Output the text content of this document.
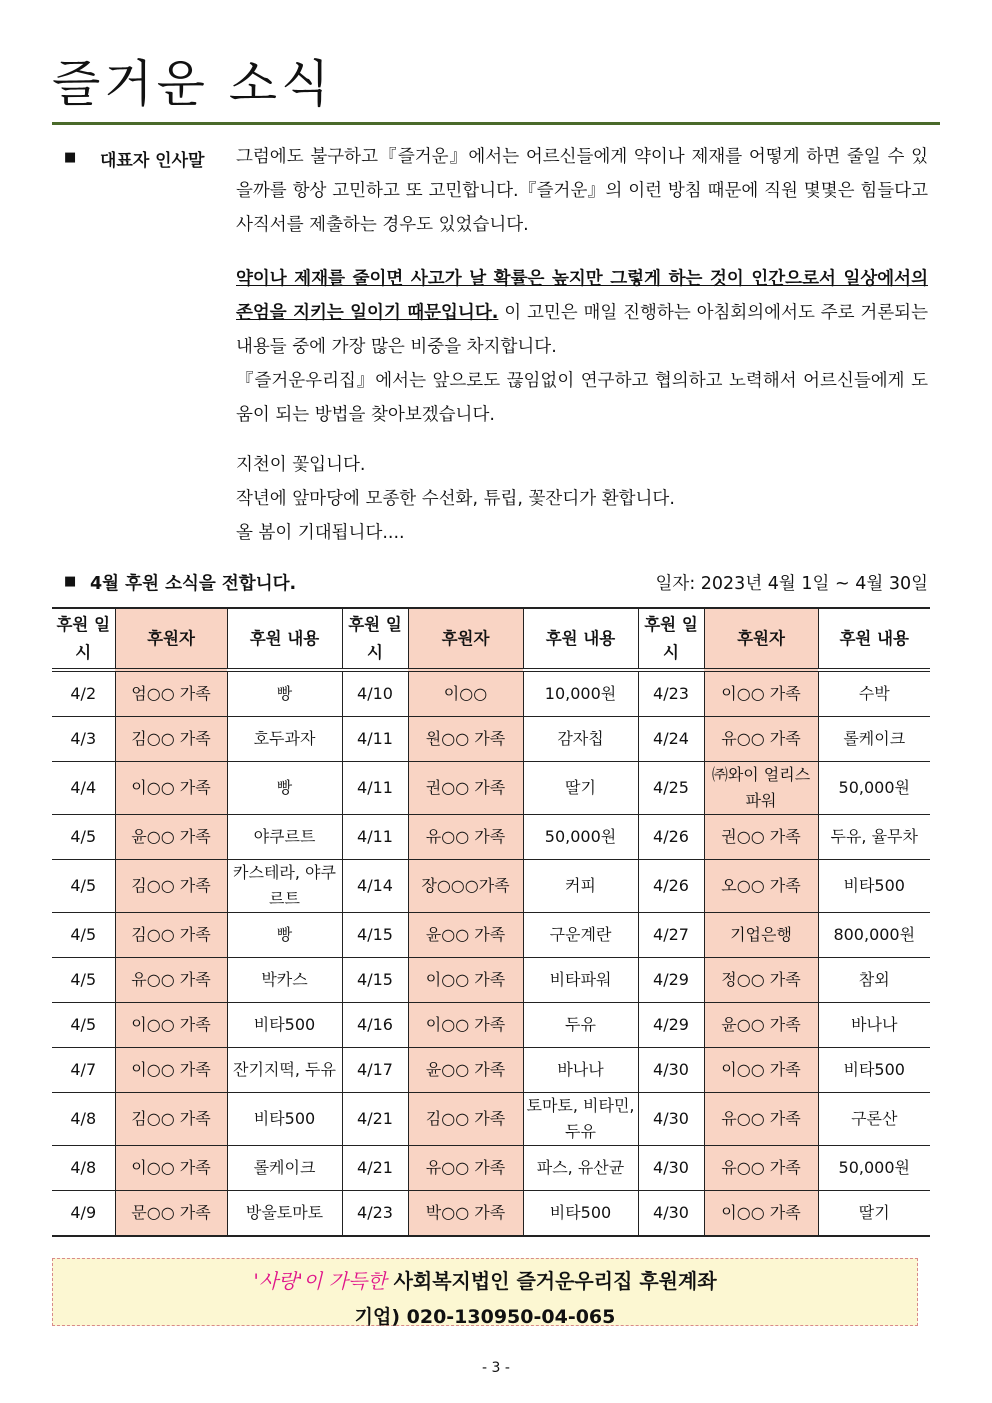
즐거운 소식
■ 대표자 인사말 그럼에도 불구하고『즐거운』에서는 어르신들에게 약이나 제재를 어떻게 하면 줄일 수 있을까를 항상 고민하고 또 고민합니다.『즐거운』의 이런 방침 때문에 직원 몇몇은 힘들다고 사직서를 제출하는 경우도 있었습니다.

약이나 제재를 줄이면 사고가 날 확률은 높지만 그렇게 하는 것이 인간으로서 일상에서의 존엄을 지키는 일이기 때문입니다. 이 고민은 매일 진행하는 아침회의에서도 주로 거론되는 내용들 중에 가장 많은 비중을 차지합니다.

『즐거운우리집』에서는 앞으로도 끊임없이 연구하고 협의하고 노력해서 어르신들에게 도움이 되는 방법을 찾아보겠습니다.

지천이 꽃입니다.

작년에 앞마당에 모종한 수선화, 튜립, 꽃잔디가 환합니다.

올 봄이 기대됩니다....

■ 4월 후원 소식을 전합니다.	일자: 2023년 4월 1일 ~ 4월 30일
후원 일시	후원자	후원 내용	후원 일시	후원자	후원 내용	후원 일시	후원자	후원 내용
4/2	엄○○ 가족	빵	4/10	이○○	10,000원	4/23	이○○ 가족	수박
4/3	김○○ 가족	호두과자	4/11	원○○ 가족	감자칩	4/24	유○○ 가족	롤케이크
4/4	이○○ 가족	빵	4/11	권○○ 가족	딸기	4/25	㈜와이 얼리스파워	50,000원
4/5	윤○○ 가족	야쿠르트	4/11	유○○ 가족	50,000원	4/26	권○○ 가족	두유, 율무차
4/5	김○○ 가족	카스테라, 야쿠르트	4/14	장○○○가족	커피	4/26	오○○ 가족	비타500
4/5	김○○ 가족	빵	4/15	윤○○ 가족	구운계란	4/27	기업은행	800,000원
4/5	유○○ 가족	박카스	4/15	이○○ 가족	비타파워	4/29	정○○ 가족	참외
4/5	이○○ 가족	비타500	4/16	이○○ 가족	두유	4/29	윤○○ 가족	바나나
4/7	이○○ 가족	잔기지떡, 두유	4/17	윤○○ 가족	바나나	4/30	이○○ 가족	비타500
4/8	김○○ 가족	비타500	4/21	김○○ 가족	토마토, 비타민, 두유	4/30	유○○ 가족	구론산
4/8	이○○ 가족	롤케이크	4/21	유○○ 가족	파스, 유산균	4/30	유○○ 가족	50,000원
4/9	문○○ 가족	방울토마토	4/23	박○○ 가족	비타500	4/30	이○○ 가족	딸기
'사랑'이 가득한 사회복지법인 즐거운우리집 후원계좌
기업) 020-130950-04-065
- 3 -
